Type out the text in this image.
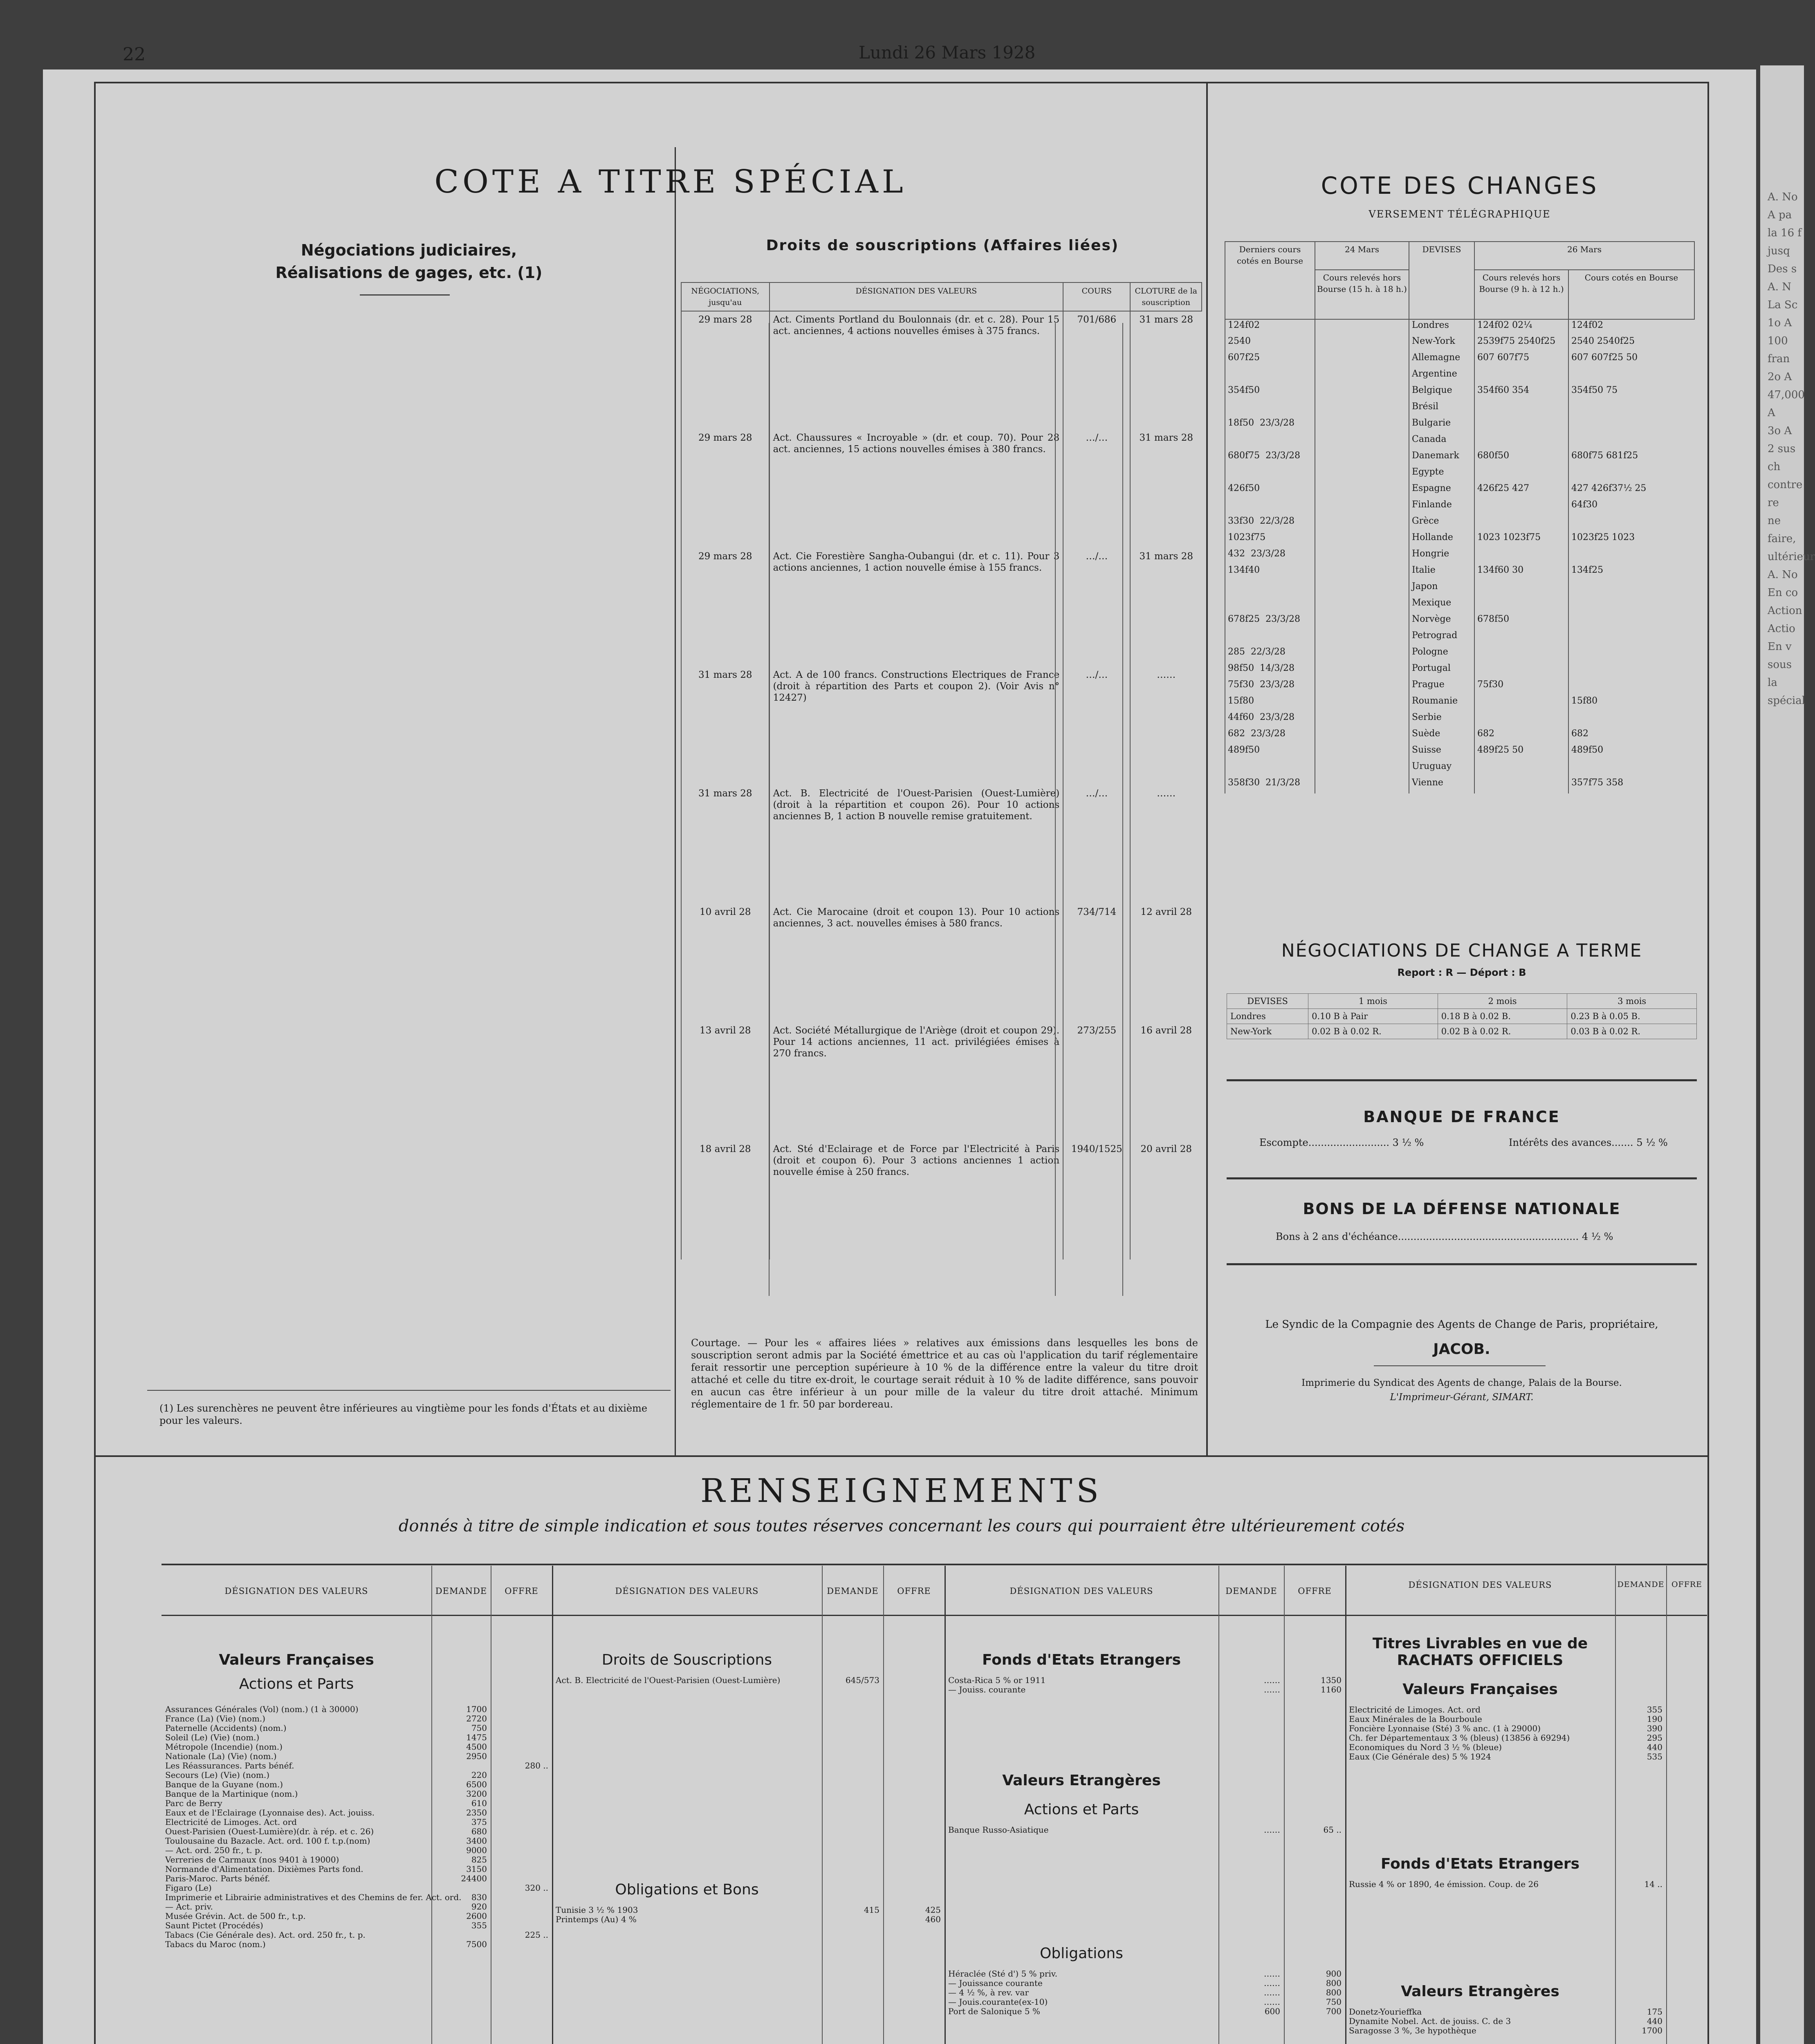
A. No
A pa
la 16 f
jusq
Des s
A. N
La Sc
1o A
100 fran
2o A
47,000 A
3o A
2 sus ch
contre re
ne faire,
ultérieur
A. No
En co
Action
Actio
En v
sous la
spécial
22	Lundi 26 Mars 1928
COTE A TITRE SPÉCIAL
Négociations judiciaires,
Réalisations de gages, etc. (1)
(1) Les surenchères ne peuvent être inférieures au vingtième pour les fonds d'États et au dixième pour les valeurs.
Droits de souscriptions (Affaires liées)
NÉGOCIATIONS, jusqu'au	DÉSIGNATION DES VALEURS	COURS	CLOTURE de la souscription
29 mars 28	Act. Ciments Portland du Boulonnais (dr. et c. 28). Pour 15 act. anciennes, 4 actions nouvelles émises à 375 francs.	701/686	31 mars 28
29 mars 28	Act. Chaussures « Incroyable » (dr. et coup. 70). Pour 28 act. anciennes, 15 actions nouvelles émises à 380 francs.	…/…	31 mars 28
29 mars 28	Act. Cie Forestière Sangha-Oubangui (dr. et c. 11). Pour 3 actions anciennes, 1 action nouvelle émise à 155 francs.	…/…	31 mars 28
31 mars 28	Act. A de 100 francs. Constructions Electriques de France (droit à répartition des Parts et coupon 2). (Voir Avis n° 12427)	…/…	……
31 mars 28	Act. B. Electricité de l'Ouest-Parisien (Ouest-Lumière) (droit à la répartition et coupon 26). Pour 10 actions anciennes B, 1 action B nouvelle remise gratuitement.	…/…	……
10 avril 28	Act. Cie Marocaine (droit et coupon 13). Pour 10 actions anciennes, 3 act. nouvelles émises à 580 francs.	734/714	12 avril 28
13 avril 28	Act. Société Métallurgique de l'Ariège (droit et coupon 29). Pour 14 actions anciennes, 11 act. privilégiées émises à 270 francs.	273/255	16 avril 28
18 avril 28	Act. Sté d'Eclairage et de Force par l'Electricité à Paris (droit et coupon 6). Pour 3 actions anciennes 1 action nouvelle émise à 250 francs.	1940/1525	20 avril 28
Courtage. — Pour les « affaires liées » relatives aux émissions dans lesquelles les bons de souscription seront admis par la Société émettrice et au cas où l'application du tarif réglementaire ferait ressortir une perception supérieure à 10 % de la différence entre la valeur du titre droit attaché et celle du titre ex-droit, le courtage serait réduit à 10 % de ladite différence, sans pouvoir en aucun cas être inférieur à un pour mille de la valeur du titre droit attaché. Minimum réglementaire de 1 fr. 50 par bordereau.
COTE DES CHANGES
VERSEMENT TÉLÉGRAPHIQUE
Derniers cours cotés en Bourse	24 Mars	DEVISES	26 Mars	
	Cours relevés hors Bourse (15 h. à 18 h.)		Cours relevés hors Bourse (9 h. à 12 h.)	Cours cotés en Bourse
124f02		Londres	124f02 02¼	124f02
2540		New-York	2539f75 2540f25	2540 2540f25
607f25		Allemagne	607 607f75	607 607f25 50
		Argentine		
354f50		Belgique	354f60 354	354f50 75
		Brésil		
18f50 23/3/28		Bulgarie		
		Canada		
680f75 23/3/28		Danemark	680f50	680f75 681f25
		Egypte		
426f50		Espagne	426f25 427	427 426f37½ 25
		Finlande		64f30
33f30 22/3/28		Grèce		
1023f75		Hollande	1023 1023f75	1023f25 1023
432 23/3/28		Hongrie		
134f40		Italie	134f60 30	134f25
		Japon		
		Mexique		
678f25 23/3/28		Norvège	678f50	
		Petrograd		
285 22/3/28		Pologne		
98f50 14/3/28		Portugal		
75f30 23/3/28		Prague	75f30	
15f80		Roumanie		15f80
44f60 23/3/28		Serbie		
682 23/3/28		Suède	682	682
489f50		Suisse	489f25 50	489f50
		Uruguay		
358f30 21/3/28		Vienne		357f75 358
NÉGOCIATIONS DE CHANGE A TERME
Report : R — Déport : B
DEVISES	1 mois	2 mois	3 mois
Londres	0.10 B à Pair	0.18 B à 0.02 B.	0.23 B à 0.05 B.
New-York	0.02 B à 0.02 R.	0.02 B à 0.02 R.	0.03 B à 0.02 R.
BANQUE DE FRANCE
Escompte.......................... 3 ½ %	Intérêts des avances....... 5 ½ %
BONS DE LA DÉFENSE NATIONALE
Bons à 2 ans d'échéance.......................................................... 4 ½ %
Le Syndic de la Compagnie des Agents de Change de Paris, propriétaire,
JACOB.
Imprimerie du Syndicat des Agents de change, Palais de la Bourse.
L'Imprimeur-Gérant, SIMART.
RENSEIGNEMENTS
donnés à titre de simple indication et sous toutes réserves concernant les cours qui pourraient être ultérieurement cotés
DÉSIGNATION DES VALEURS	DEMANDE	OFFRE	DÉSIGNATION DES VALEURS	DEMANDE	OFFRE	DÉSIGNATION DES VALEURS	DEMANDE	OFFRE
DÉSIGNATION DES VALEURS	DEMANDE OFFRE
Valeurs Françaises
Actions et Parts
Assurances Générales (Vol) (nom.) (1 à 30000)	1700	
France (La) (Vie) (nom.)	2720	
Paternelle (Accidents) (nom.)	750	
Soleil (Le) (Vie) (nom.)	1475	
Métropole (Incendie) (nom.)	4500	
Nationale (La) (Vie) (nom.)	2950	
Les Réassurances. Parts bénéf.		280 ..
Secours (Le) (Vie) (nom.)	220	
Banque de la Guyane (nom.)	6500	
Banque de la Martinique (nom.)	3200	
Parc de Berry	610	
Eaux et de l'Eclairage (Lyonnaise des). Act. jouiss.	2350	
Electricité de Limoges. Act. ord	375	
Ouest-Parisien (Ouest-Lumière)(dr. à rép. et c. 26)	680	
Toulousaine du Bazacle. Act. ord. 100 f. t.p.(nom)	3400	
— Act. ord. 250 fr., t. p.	9000	
Verreries de Carmaux (nos 9401 à 19000)	825	
Normande d'Alimentation. Dixièmes Parts fond.	3150	
Paris-Maroc. Parts bénéf.	24400	
Figaro (Le)		320 ..
Imprimerie et Librairie administratives et des Chemins de fer. Act. ord.	830	
— Act. priv.	920	
Musée Grévin. Act. de 500 fr., t.p.	2600	
Saunt Pictet (Procédés)	355	
Tabacs (Cie Générale des). Act. ord. 250 fr., t. p.		225 ..
Tabacs du Maroc (nom.)	7500	
Droits de Souscriptions
Act. B. Electricité de l'Ouest-Parisien (Ouest-Lumière)	645/573	
Obligations et Bons
Tunisie 3 ½ % 1903	415	425
Printemps (Au) 4 %		460
Fonds d'Etats Etrangers
Costa-Rica 5 % or 1911	……	1350
— Jouiss. courante	……	1160
Valeurs Etrangères
Actions et Parts
Banque Russo-Asiatique	……	65 ..
Obligations
Héraclée (Sté d') 5 % priv.	……	900
— Jouissance courante	……	800
— 4 ½ %, à rev. var	……	800
— Jouis.courante(ex-10)	……	750
Port de Salonique 5 %	600	700
Titres Livrables en vue de
RACHATS OFFICIELS
Valeurs Françaises
Electricité de Limoges. Act. ord	355	
Eaux Minérales de la Bourboule	190	
Foncière Lyonnaise (Sté) 3 % anc. (1 à 29000)	390	
Ch. fer Départementaux 3 % (bleus) (13856 à 69294)	295	
Economiques du Nord 3 ½ % (bleue)	440	
Eaux (Cie Générale des) 5 % 1924	535	
Fonds d'Etats Etrangers
Russie 4 % or 1890, 4e émission. Coup. de 26	14 ..	
Valeurs Etrangères
Donetz-Yourieffka	175	
Dynamite Nobel. Act. de jouiss. C. de 3	440	
Saragosse 3 %, 3e hypothèque	1700	
